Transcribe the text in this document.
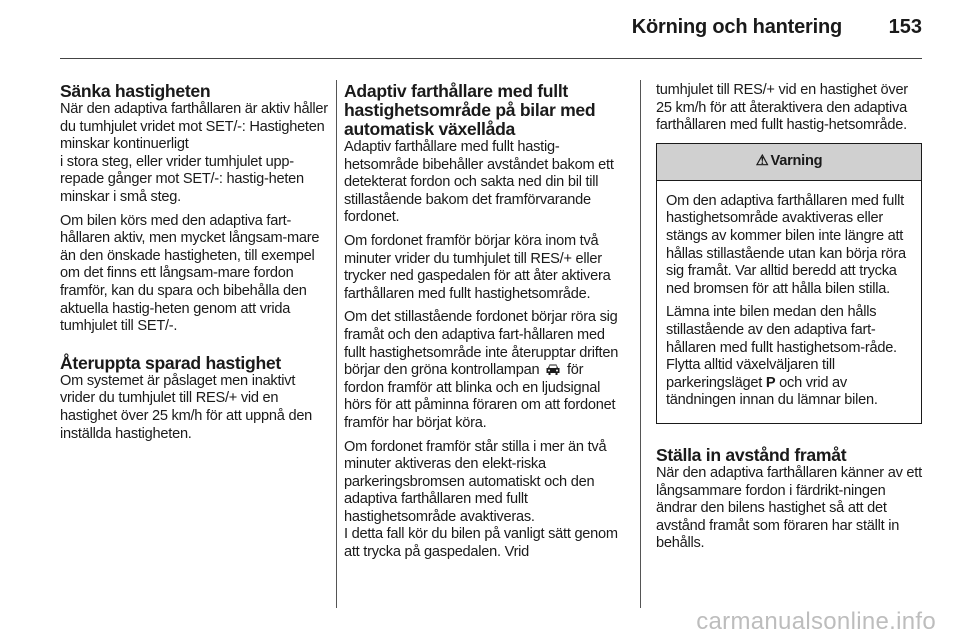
Körning och hantering 153
Sänka hastigheten

När den adaptiva farthållaren är aktiv håller du tumhjulet vridet mot SET/-: Hastigheten minskar kontinuerligt

i stora steg, eller vrider tumhjulet upp-repade gånger mot SET/-: hastig-heten minskar i små steg.

Om bilen körs med den adaptiva fart-hållaren aktiv, men mycket långsam-mare än den önskade hastigheten, till exempel om det finns ett långsam-mare fordon framför, kan du spara och bibehålla den aktuella hastig-heten genom att vrida tumhjulet till SET/-.

Återuppta sparad hastighet

Om systemet är påslaget men inaktivt vrider du tumhjulet till RES/+ vid en hastighet över 25 km/h för att uppnå den inställda hastigheten.

Adaptiv farthållare med fullt hastighetsområde på bilar med automatisk växellåda

Adaptiv farthållare med fullt hastig-hetsområde bibehåller avståndet bakom ett detekterat fordon och sakta ned din bil till stillastående bakom det framförvarande fordonet.

Om fordonet framför börjar köra inom två minuter vrider du tumhjulet till RES/+ eller trycker ned gaspedalen för att åter aktivera farthållaren med fullt hastighetsområde.

Om det stillastående fordonet börjar röra sig framåt och den adaptiva fart-hållaren med fullt hastighetsområde inte återupptar driften börjar den gröna kontrollampan för fordon framför att blinka och en ljudsignal hörs för att påminna föraren om att fordonet framför har börjat köra.

Om fordonet framför står stilla i mer än två minuter aktiveras den elekt-riska parkeringsbromsen automatiskt och den adaptiva farthållaren med fullt hastighetsområde avaktiveras.

I detta fall kör du bilen på vanligt sätt genom att trycka på gaspedalen. Vrid

tumhjulet till RES/+ vid en hastighet över 25 km/h för att återaktivera den adaptiva farthållaren med fullt hastig-hetsområde.

⚠ Varning

Om den adaptiva farthållaren med fullt hastighetsområde avaktiveras eller stängs av kommer bilen inte längre att hållas stillastående utan kan börja röra sig framåt. Var alltid beredd att trycka ned bromsen för att hålla bilen stilla.

Lämna inte bilen medan den hålls stillastående av den adaptiva fart-hållaren med fullt hastighetsom-råde. Flytta alltid växelväljaren till parkeringsläget P och vrid av tändningen innan du lämnar bilen.

Ställa in avstånd framåt

När den adaptiva farthållaren känner av ett långsammare fordon i färdrikt-ningen ändrar den bilens hastighet så att det avstånd framåt som föraren har ställt in behålls.

carmanualsonline.info
